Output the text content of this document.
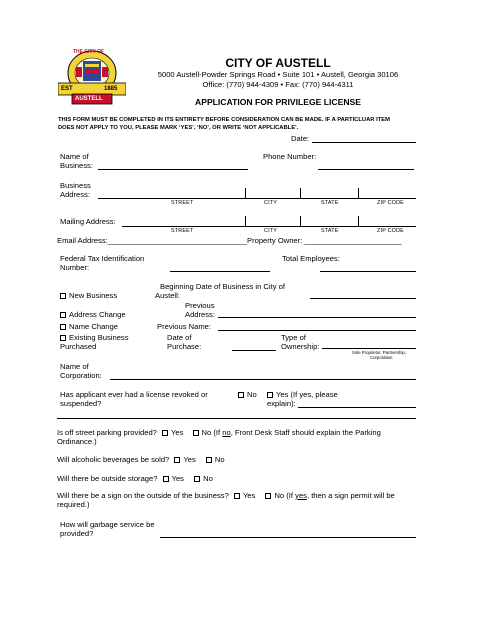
THE CITY OF
EST	1885
AUSTELL
CITY OF AUSTELL
5000 Austell-Powder Springs Road • Suite 101 • Austell, Georgia 30106
Office: (770) 944-4309 • Fax: (770) 944-4311
APPLICATION FOR PRIVILEGE LICENSE
THIS FORM MUST BE COMPLETED IN ITS ENTIRETY BEFORE CONSIDERATION CAN BE MADE. IF A PARTICLUAR ITEM
DOES NOT APPLY TO YOU, PLEASE MARK ‘YES’, ‘NO’, OR WRITE ‘NOT APPLICABLE’.
Date:
Name of
Business:
Phone Number:
Business
Address:
STREET	CITY	STATE	ZIP CODE
Mailing Address:
STREET	CITY	STATE	ZIP CODE
Email Address:_________________________________Property Owner: _______________________
Federal Tax Identification
Number:
Total Employees:
Beginning Date of Business in City of
Austell:
New Business
Previous
Address Change	Address:
Name Change	Previous Name:
Existing Business
Purchased
Date of
Purchase:
Type of
Ownership:
Sole Proprietor, Partnership,
Corporation
Name of
Corporation:
Has applicant ever had a license revoked or
suspended?
No	Yes (If yes, please
explain):
Is off street parking provided? Yes No (If no, Front Desk Staff should explain the Parking
Ordinance.)
Will alcoholic beverages be sold? Yes	No
Will there be outside storage? Yes	No
Will there be a sign on the outside of the business? Yes	No (If yes, then a sign permit will be
required.)
How will garbage service be
provided?
